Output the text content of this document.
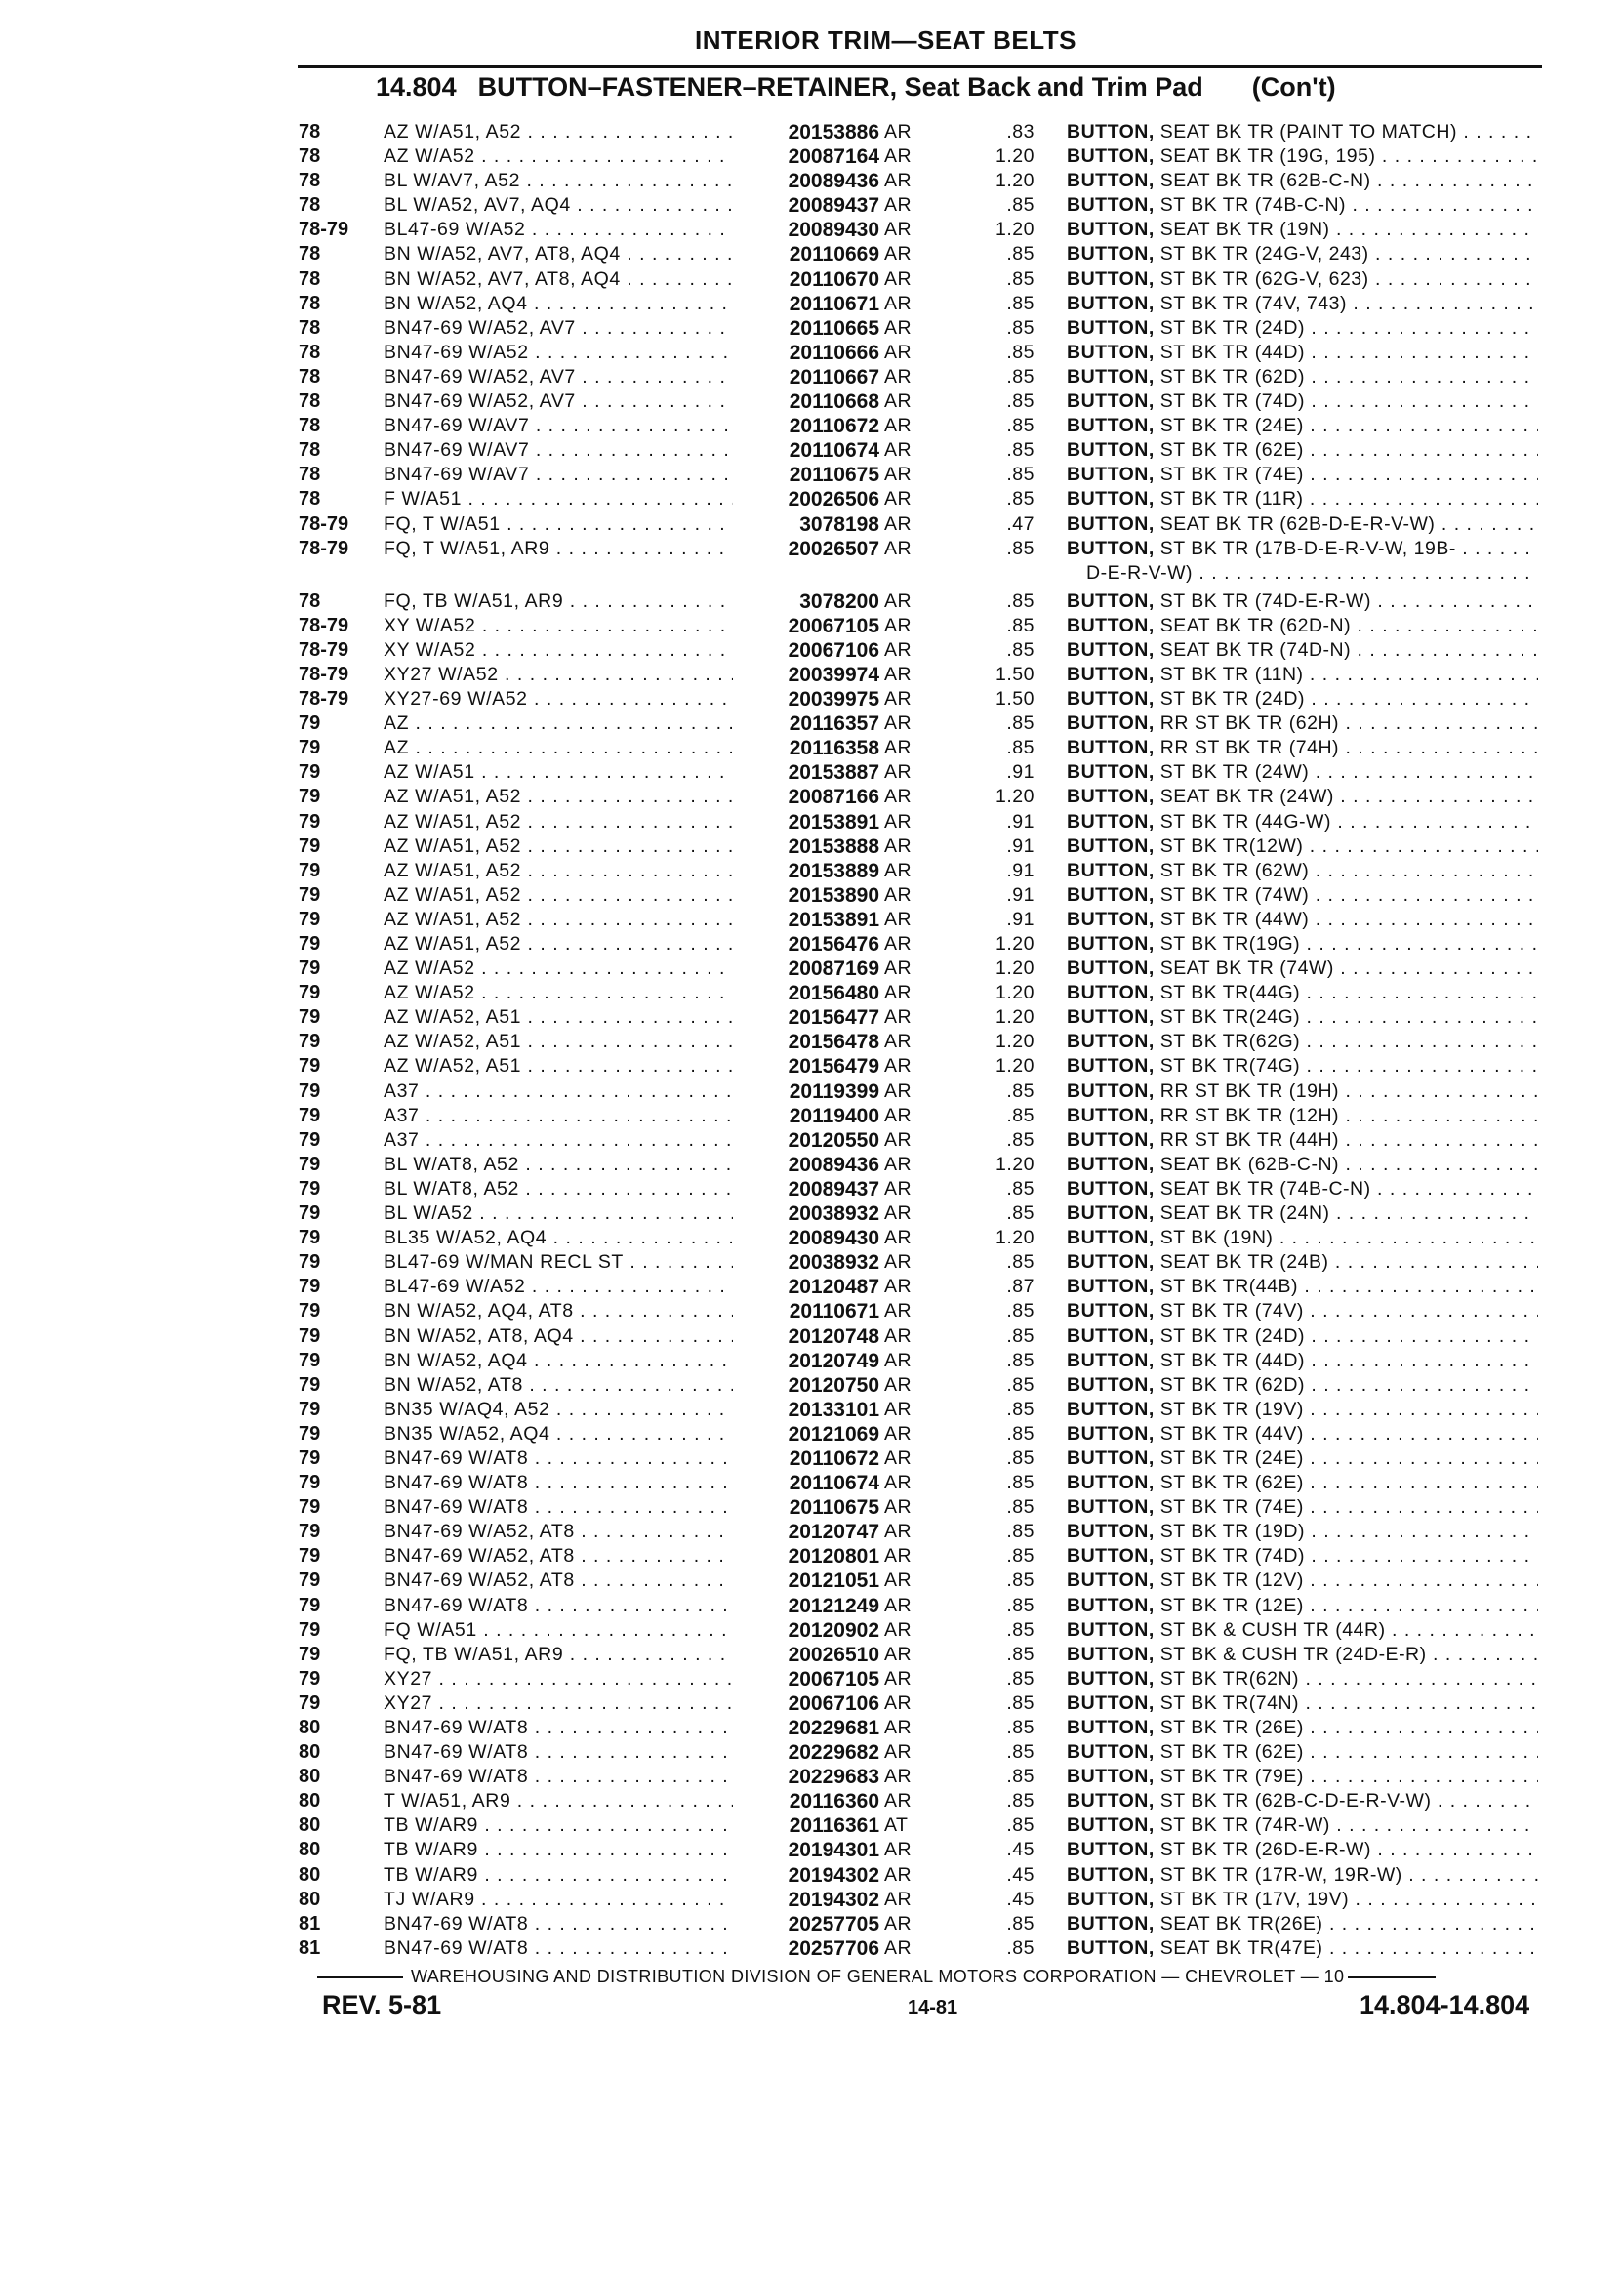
INTERIOR TRIM—SEAT BELTS
14.804 BUTTON–FASTENER–RETAINER, Seat Back and Trim Pad (Con't)
78	AZ W/A51, A52 . . .	20153886 AR	.83 BUTTON, SEAT BK TR (PAINT TO MATCH) . . .
78	AZ W/A52 . . .	20087164 AR	1.20 BUTTON, SEAT BK TR (19G, 195) . . .
78	BL W/AV7, A52 . . .	20089436 AR	1.20 BUTTON, SEAT BK TR (62B-C-N) . . .
78	BL W/A52, AV7, AQ4 . . .	20089437 AR	.85 BUTTON, ST BK TR (74B-C-N) . . .
78-79	BL47-69 W/A52 . . .	20089430 AR	1.20 BUTTON, SEAT BK TR (19N) . . .
78	BN W/A52, AV7, AT8, AQ4 . . .	20110669 AR	.85 BUTTON, ST BK TR (24G-V, 243) . . .
78	BN W/A52, AV7, AT8, AQ4 . . .	20110670 AR	.85 BUTTON, ST BK TR (62G-V, 623) . . .
78	BN W/A52, AQ4 . . .	20110671 AR	.85 BUTTON, ST BK TR (74V, 743) . . .
78	BN47-69 W/A52, AV7 . . .	20110665 AR	.85 BUTTON, ST BK TR (24D) . . .
78	BN47-69 W/A52 . . .	20110666 AR	.85 BUTTON, ST BK TR (44D) . . .
78	BN47-69 W/A52, AV7 . . .	20110667 AR	.85 BUTTON, ST BK TR (62D) . . .
78	BN47-69 W/A52, AV7 . . .	20110668 AR	.85 BUTTON, ST BK TR (74D) . . .
78	BN47-69 W/AV7 . . .	20110672 AR	.85 BUTTON, ST BK TR (24E) . . .
78	BN47-69 W/AV7 . . .	20110674 AR	.85 BUTTON, ST BK TR (62E) . . .
78	BN47-69 W/AV7 . . .	20110675 AR	.85 BUTTON, ST BK TR (74E) . . .
78	F W/A51 . . .	20026506 AR	.85 BUTTON, ST BK TR (11R) . . .
78-79	FQ, T W/A51 . . .	3078198 AR	.47 BUTTON, SEAT BK TR (62B-D-E-R-V-W) . . .
78-79	FQ, T W/A51, AR9 . . .	20026507 AR	.85 BUTTON, ST BK TR (17B-D-E-R-V-W, 19B- . . .
D-E-R-V-W) . . .
78	FQ, TB W/A51, AR9 . . .	3078200 AR	.85 BUTTON, ST BK TR (74D-E-R-W) . . .
78-79	XY W/A52 . . .	20067105 AR	.85 BUTTON, SEAT BK TR (62D-N) . . .
78-79	XY W/A52 . . .	20067106 AR	.85 BUTTON, SEAT BK TR (74D-N) . . .
78-79	XY27 W/A52 . . .	20039974 AR	1.50 BUTTON, ST BK TR (11N) . . .
78-79	XY27-69 W/A52 . . .	20039975 AR	1.50 BUTTON, ST BK TR (24D) . . .
79	AZ . . .	20116357 AR	.85 BUTTON, RR ST BK TR (62H) . . .
79	AZ . . .	20116358 AR	.85 BUTTON, RR ST BK TR (74H) . . .
79	AZ W/A51 . . .	20153887 AR	.91 BUTTON, ST BK TR (24W) . . .
79	AZ W/A51, A52 . . .	20087166 AR	1.20 BUTTON, SEAT BK TR (24W) . . .
79	AZ W/A51, A52 . . .	20153891 AR	.91 BUTTON, ST BK TR (44G-W) . . .
79	AZ W/A51, A52 . . .	20153888 AR	.91 BUTTON, ST BK TR(12W) . . .
79	AZ W/A51, A52 . . .	20153889 AR	.91 BUTTON, ST BK TR (62W) . . .
79	AZ W/A51, A52 . . .	20153890 AR	.91 BUTTON, ST BK TR (74W) . . .
79	AZ W/A51, A52 . . .	20153891 AR	.91 BUTTON, ST BK TR (44W) . . .
79	AZ W/A51, A52 . . .	20156476 AR	1.20 BUTTON, ST BK TR(19G) . . .
79	AZ W/A52 . . .	20087169 AR	1.20 BUTTON, SEAT BK TR (74W) . . .
79	AZ W/A52 . . .	20156480 AR	1.20 BUTTON, ST BK TR(44G) . . .
79	AZ W/A52, A51 . . .	20156477 AR	1.20 BUTTON, ST BK TR(24G) . . .
79	AZ W/A52, A51 . . .	20156478 AR	1.20 BUTTON, ST BK TR(62G) . . .
79	AZ W/A52, A51 . . .	20156479 AR	1.20 BUTTON, ST BK TR(74G) . . .
79	A37 . . .	20119399 AR	.85 BUTTON, RR ST BK TR (19H) . . .
79	A37 . . .	20119400 AR	.85 BUTTON, RR ST BK TR (12H) . . .
79	A37 . . .	20120550 AR	.85 BUTTON, RR ST BK TR (44H) . . .
79	BL W/AT8, A52 . . .	20089436 AR	1.20 BUTTON, SEAT BK (62B-C-N) . . .
79	BL W/AT8, A52 . . .	20089437 AR	.85 BUTTON, SEAT BK TR (74B-C-N) . . .
79	BL W/A52 . . .	20038932 AR	.85 BUTTON, SEAT BK TR (24N) . . .
79	BL35 W/A52, AQ4 . . .	20089430 AR	1.20 BUTTON, ST BK (19N) . . .
79	BL47-69 W/MAN RECL ST . . .	20038932 AR	.85 BUTTON, SEAT BK TR (24B) . . .
79	BL47-69 W/A52 . . .	20120487 AR	.87 BUTTON, ST BK TR(44B) . . .
79	BN W/A52, AQ4, AT8 . . .	20110671 AR	.85 BUTTON, ST BK TR (74V) . . .
79	BN W/A52, AT8, AQ4 . . .	20120748 AR	.85 BUTTON, ST BK TR (24D) . . .
79	BN W/A52, AQ4 . . .	20120749 AR	.85 BUTTON, ST BK TR (44D) . . .
79	BN W/A52, AT8 . . .	20120750 AR	.85 BUTTON, ST BK TR (62D) . . .
79	BN35 W/AQ4, A52 . . .	20133101 AR	.85 BUTTON, ST BK TR (19V) . . .
79	BN35 W/A52, AQ4 . . .	20121069 AR	.85 BUTTON, ST BK TR (44V) . . .
79	BN47-69 W/AT8 . . .	20110672 AR	.85 BUTTON, ST BK TR (24E) . . .
79	BN47-69 W/AT8 . . .	20110674 AR	.85 BUTTON, ST BK TR (62E) . . .
79	BN47-69 W/AT8 . . .	20110675 AR	.85 BUTTON, ST BK TR (74E) . . .
79	BN47-69 W/A52, AT8 . . .	20120747 AR	.85 BUTTON, ST BK TR (19D) . . .
79	BN47-69 W/A52, AT8 . . .	20120801 AR	.85 BUTTON, ST BK TR (74D) . . .
79	BN47-69 W/A52, AT8 . . .	20121051 AR	.85 BUTTON, ST BK TR (12V) . . .
79	BN47-69 W/AT8 . . .	20121249 AR	.85 BUTTON, ST BK TR (12E) . . .
79	FQ W/A51 . . .	20120902 AR	.85 BUTTON, ST BK & CUSH TR (44R) . . .
79	FQ, TB W/A51, AR9 . . .	20026510 AR	.85 BUTTON, ST BK & CUSH TR (24D-E-R) . . .
79	XY27 . . .	20067105 AR	.85 BUTTON, ST BK TR(62N) . . .
79	XY27 . . .	20067106 AR	.85 BUTTON, ST BK TR(74N) . . .
80	BN47-69 W/AT8 . . .	20229681 AR	.85 BUTTON, ST BK TR (26E) . . .
80	BN47-69 W/AT8 . . .	20229682 AR	.85 BUTTON, ST BK TR (62E) . . .
80	BN47-69 W/AT8 . . .	20229683 AR	.85 BUTTON, ST BK TR (79E) . . .
80	T W/A51, AR9 . . .	20116360 AR	.85 BUTTON, ST BK TR (62B-C-D-E-R-V-W) . . .
80	TB W/AR9 . . .	20116361 AT	.85 BUTTON, ST BK TR (74R-W) . . .
80	TB W/AR9 . . .	20194301 AR	.45 BUTTON, ST BK TR (26D-E-R-W) . . .
80	TB W/AR9 . . .	20194302 AR	.45 BUTTON, ST BK TR (17R-W, 19R-W) . . .
80	TJ W/AR9 . . .	20194302 AR	.45 BUTTON, ST BK TR (17V, 19V) . . .
81	BN47-69 W/AT8 . . .	20257705 AR	.85 BUTTON, SEAT BK TR(26E) . . .
81	BN47-69 W/AT8 . . .	20257706 AR	.85 BUTTON, SEAT BK TR(47E) . . .
WAREHOUSING AND DISTRIBUTION DIVISION OF GENERAL MOTORS CORPORATION — CHEVROLET — 10
REV. 5-81	14-81	14.804-14.804
